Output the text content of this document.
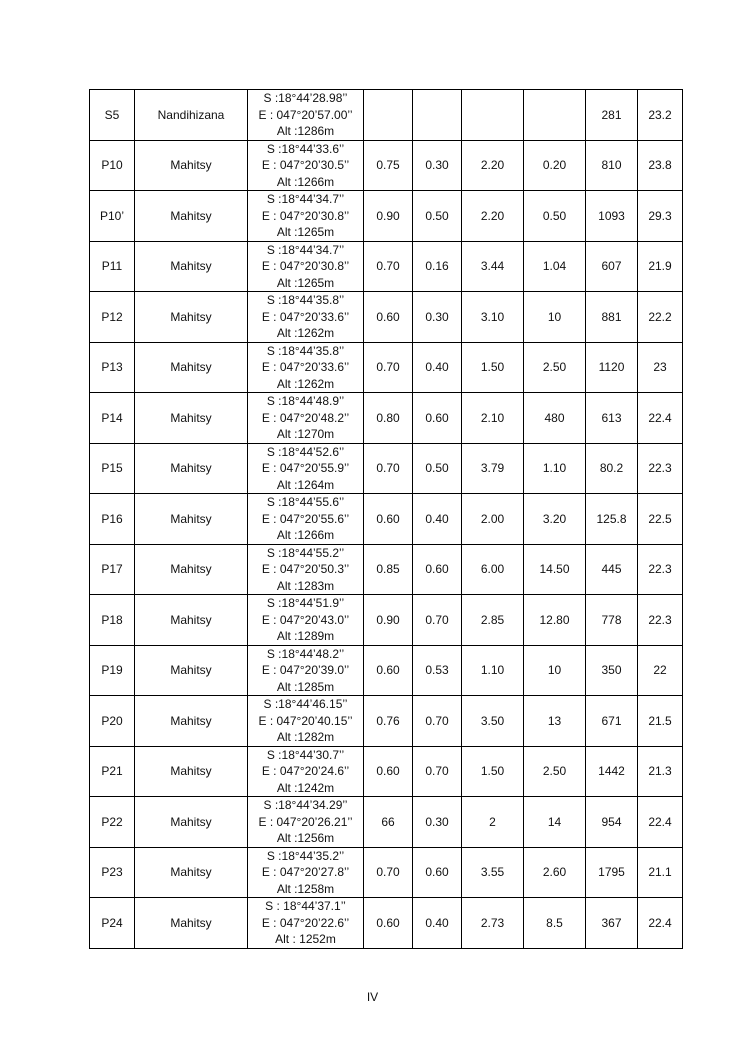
S5	Nandihizana	S :18°44’28.98’’
E : 047°20’57.00’’
Alt :1286m					281	23.2
P10	Mahitsy	S :18°44’33.6’’
E : 047°20’30.5’’
Alt :1266m	0.75	0.30	2.20	0.20	810	23.8
P10’	Mahitsy	S :18°44’34.7’’
E : 047°20’30.8’’
Alt :1265m	0.90	0.50	2.20	0.50	1093	29.3
P11	Mahitsy	S :18°44’34.7’’
E : 047°20’30.8’’
Alt :1265m	0.70	0.16	3.44	1.04	607	21.9
P12	Mahitsy	S :18°44’35.8’’
E : 047°20’33.6’’
Alt :1262m	0.60	0.30	3.10	10	881	22.2
P13	Mahitsy	S :18°44’35.8’’
E : 047°20’33.6’’
Alt :1262m	0.70	0.40	1.50	2.50	1120	23
P14	Mahitsy	S :18°44’48.9’’
E : 047°20’48.2’’
Alt :1270m	0.80	0.60	2.10	480	613	22.4
P15	Mahitsy	S :18°44’52.6’’
E : 047°20’55.9’’
Alt :1264m	0.70	0.50	3.79	1.10	80.2	22.3
P16	Mahitsy	S :18°44’55.6’’
E : 047°20’55.6’’
Alt :1266m	0.60	0.40	2.00	3.20	125.8	22.5
P17	Mahitsy	S :18°44’55.2’’
E : 047°20’50.3’’
Alt :1283m	0.85	0.60	6.00	14.50	445	22.3
P18	Mahitsy	S :18°44’51.9’’
E : 047°20’43.0’’
Alt :1289m	0.90	0.70	2.85	12.80	778	22.3
P19	Mahitsy	S :18°44’48.2’’
E : 047°20’39.0’’
Alt :1285m	0.60	0.53	1.10	10	350	22
P20	Mahitsy	S :18°44’46.15’’
E : 047°20’40.15’’
Alt :1282m	0.76	0.70	3.50	13	671	21.5
P21	Mahitsy	S :18°44’30.7’’
E : 047°20’24.6’’
Alt :1242m	0.60	0.70	1.50	2.50	1442	21.3
P22	Mahitsy	S :18°44’34.29’’
E : 047°20’26.21’’
Alt :1256m	66	0.30	2	14	954	22.4
P23	Mahitsy	S :18°44’35.2’’
E : 047°20’27.8’’
Alt :1258m	0.70	0.60	3.55	2.60	1795	21.1
P24	Mahitsy	S : 18°44’37.1’’
E : 047°20’22.6’’
Alt : 1252m	0.60	0.40	2.73	8.5	367	22.4
IV
